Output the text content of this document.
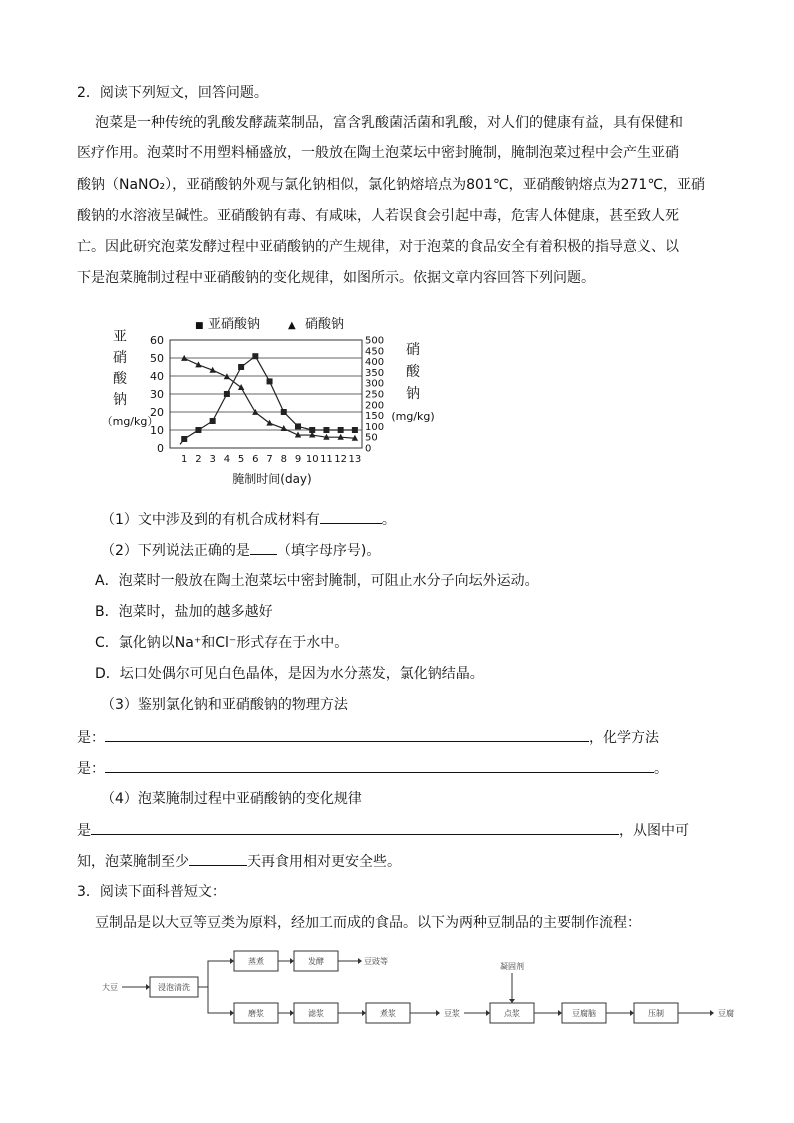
2．阅读下列短文，回答问题。
泡菜是一种传统的乳酸发酵蔬菜制品，富含乳酸菌活菌和乳酸，对人们的健康有益，具有保健和
医疗作用。泡菜时不用塑料桶盛放，一般放在陶土泡菜坛中密封腌制，腌制泡菜过程中会产生亚硝
酸钠（NaNO₂），亚硝酸钠外观与氯化钠相似，氯化钠熔培点为801℃，亚硝酸钠熔点为271℃，亚硝
酸钠的水溶液呈碱性。亚硝酸钠有毒、有咸味，人若误食会引起中毒，危害人体健康，甚至致人死
亡。因此研究泡菜发酵过程中亚硝酸钠的产生规律，对于泡菜的食品安全有着积极的指导意义、以
下是泡菜腌制过程中亚硝酸钠的变化规律，如图所示。依据文章内容回答下列问题。
■ 亚硝酸钠	▲ 硝酸钠
亚
硝
酸
钠
（mg/kg）
硝
酸
钠
(mg/kg)
0
10
20
30
40
50
60
0
50
100
150
200
250
300
350
400
450
500
1 2 3 4 5 6 7 8 9 10 11 12 13
腌制时间(day)
（1）文中涉及到的有机合成材料有	。
（2）下列说法正确的是 （填字母序号)。
A．泡菜时一般放在陶土泡菜坛中密封腌制，可阻止水分子向坛外运动。
B．泡菜时，盐加的越多越好
C．氯化钠以Na⁺和Cl⁻形式存在于水中。
D．坛口处偶尔可见白色晶体，是因为水分蒸发，氯化钠结晶。
（3）鉴别氯化钠和亚硝酸钠的物理方法
是：	，化学方法
是：	。
（4）泡菜腌制过程中亚硝酸钠的变化规律
是	，从图中可
知，泡菜腌制至少	天再食用相对更安全些。
3．阅读下面科普短文：
豆制品是以大豆等豆类为原料，经加工而成的食品。以下为两种豆制品的主要制作流程：
大豆	浸泡清洗
蒸煮	发酵	豆豉等
磨浆	滤浆	煮浆	豆浆
凝固剂
点浆	豆腐脑	压制	豆腐
